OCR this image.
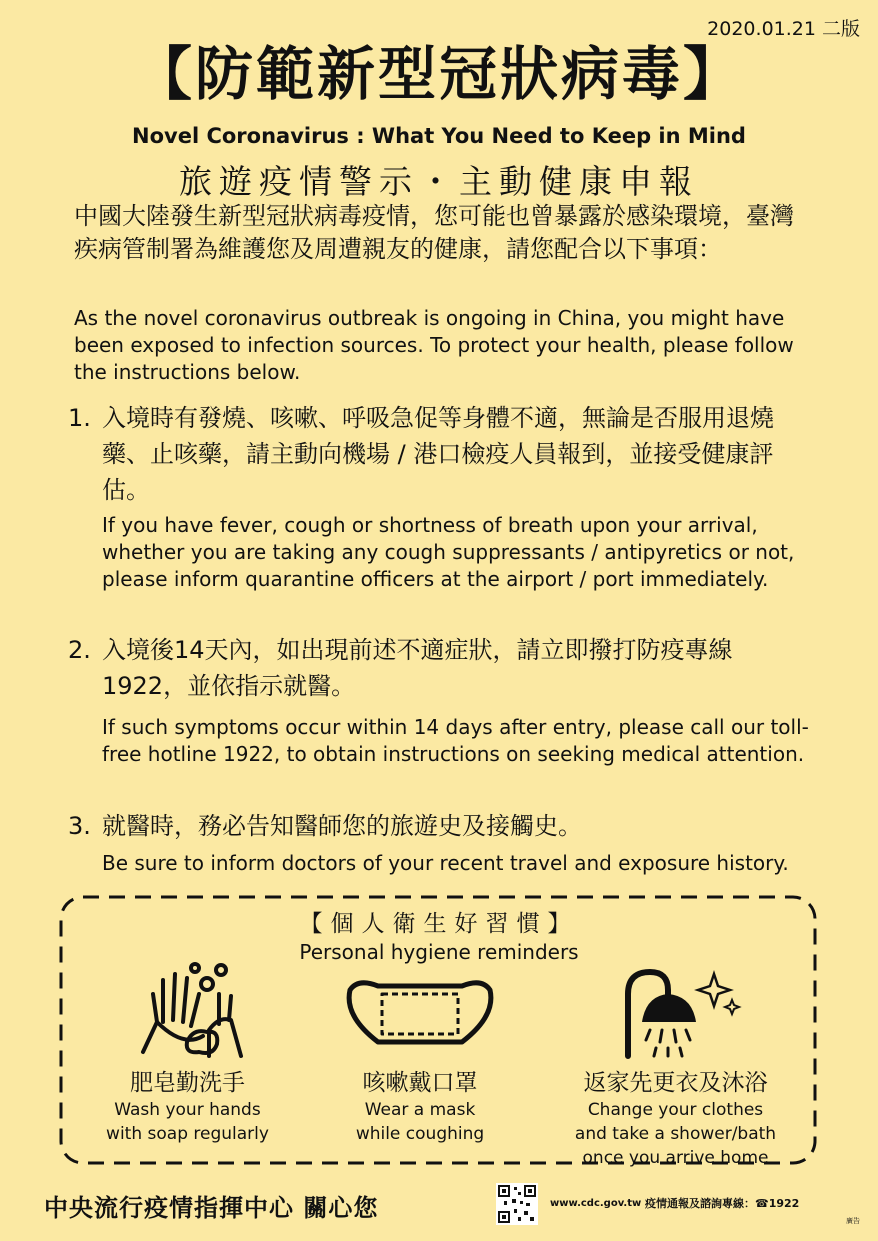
2020.01.21 二版
【防範新型冠狀病毒】
Novel Coronavirus : What You Need to Keep in Mind
旅遊疫情警示・主動健康申報
中國大陸發生新型冠狀病毒疫情，您可能也曾暴露於感染環境，臺灣疾病管制署為維護您及周遭親友的健康，請您配合以下事項：
As the novel coronavirus outbreak is ongoing in China, you might have been exposed to infection sources. To protect your health, please follow the instructions below.
1. 入境時有發燒、咳嗽、呼吸急促等身體不適，無論是否服用退燒藥、止咳藥，請主動向機場 / 港口檢疫人員報到，並接受健康評估。
If you have fever, cough or shortness of breath upon your arrival, whether you are taking any cough suppressants / antipyretics or not, please inform quarantine officers at the airport / port immediately.
2. 入境後14天內，如出現前述不適症狀，請立即撥打防疫專線1922，並依指示就醫。
If such symptoms occur within 14 days after entry, please call our toll-free hotline 1922, to obtain instructions on seeking medical attention.
3. 就醫時，務必告知醫師您的旅遊史及接觸史。
Be sure to inform doctors of your recent travel and exposure history.
【個人衛生好習慣】
Personal hygiene reminders
肥皂勤洗手
Wash your hands
with soap regularly
咳嗽戴口罩
Wear a mask
while coughing
返家先更衣及沐浴
Change your clothes
and take a shower/bath
once you arrive home
中央流行疫情指揮中心 關心您	www.cdc.gov.tw 疫情通報及諮詢專線：☎1922
廣告
